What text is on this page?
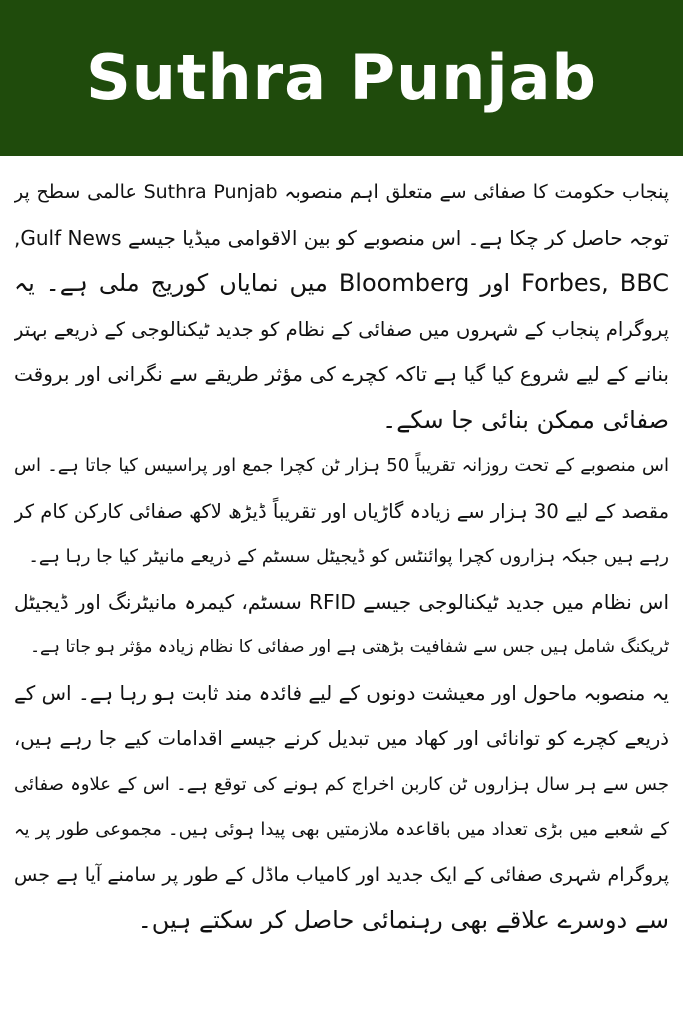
Suthra Punjab
پنجاب حکومت کا صفائی سے متعلق اہم منصوبہ Suthra Punjab عالمی سطح پر
توجہ حاصل کر چکا ہے۔ اس منصوبے کو بین الاقوامی میڈیا جیسے Gulf News,
Forbes, BBC اور Bloomberg میں نمایاں کوریج ملی ہے۔ یہ
پروگرام پنجاب کے شہروں میں صفائی کے نظام کو جدید ٹیکنالوجی کے ذریعے بہتر
بنانے کے لیے شروع کیا گیا ہے تاکہ کچرے کی مؤثر طریقے سے نگرانی اور بروقت
صفائی ممکن بنائی جا سکے۔
اس منصوبے کے تحت روزانہ تقریباً 50 ہزار ٹن کچرا جمع اور پراسیس کیا جاتا ہے۔ اس
مقصد کے لیے 30 ہزار سے زیادہ گاڑیاں اور تقریباً ڈیڑھ لاکھ صفائی کارکن کام کر
رہے ہیں جبکہ ہزاروں کچرا پوائنٹس کو ڈیجیٹل سسٹم کے ذریعے مانیٹر کیا جا رہا ہے۔
اس نظام میں جدید ٹیکنالوجی جیسے RFID سسٹم، کیمرہ مانیٹرنگ اور ڈیجیٹل
ٹریکنگ شامل ہیں جس سے شفافیت بڑھتی ہے اور صفائی کا نظام زیادہ مؤثر ہو جاتا ہے۔
یہ منصوبہ ماحول اور معیشت دونوں کے لیے فائدہ مند ثابت ہو رہا ہے۔ اس کے
ذریعے کچرے کو توانائی اور کھاد میں تبدیل کرنے جیسے اقدامات کیے جا رہے ہیں،
جس سے ہر سال ہزاروں ٹن کاربن اخراج کم ہونے کی توقع ہے۔ اس کے علاوہ صفائی
کے شعبے میں بڑی تعداد میں باقاعدہ ملازمتیں بھی پیدا ہوئی ہیں۔ مجموعی طور پر یہ
پروگرام شہری صفائی کے ایک جدید اور کامیاب ماڈل کے طور پر سامنے آیا ہے جس
سے دوسرے علاقے بھی رہنمائی حاصل کر سکتے ہیں۔
